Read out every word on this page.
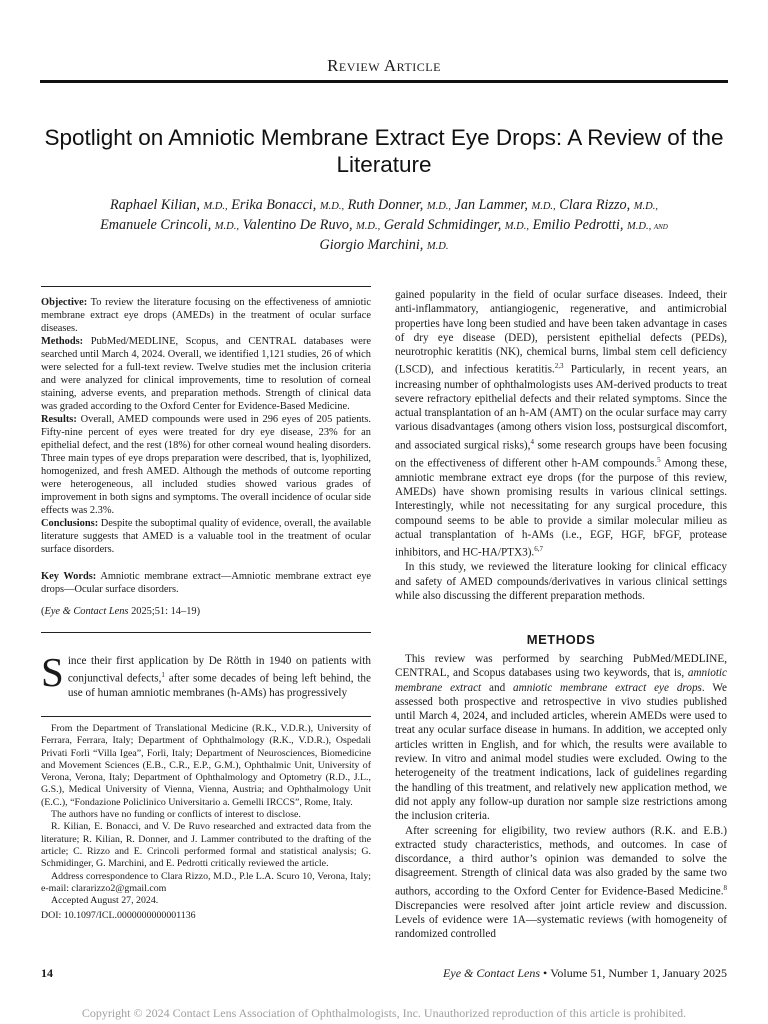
Review Article
Spotlight on Amniotic Membrane Extract Eye Drops: A Review of the Literature
Raphael Kilian, M.D., Erika Bonacci, M.D., Ruth Donner, M.D., Jan Lammer, M.D., Clara Rizzo, M.D.,
Emanuele Crincoli, M.D., Valentino De Ruvo, M.D., Gerald Schmidinger, M.D., Emilio Pedrotti, M.D., and
Giorgio Marchini, M.D.

Objective: To review the literature focusing on the effectiveness of amniotic membrane extract eye drops (AMEDs) in the treatment of ocular surface diseases.

Methods: PubMed/MEDLINE, Scopus, and CENTRAL databases were searched until March 4, 2024. Overall, we identified 1,121 studies, 26 of which were selected for a full-text review. Twelve studies met the inclusion criteria and were analyzed for clinical improvements, time to resolution of corneal staining, adverse events, and preparation methods. Strength of clinical data was graded according to the Oxford Center for Evidence-Based Medicine.

Results: Overall, AMED compounds were used in 296 eyes of 205 patients. Fifty-nine percent of eyes were treated for dry eye disease, 23% for an epithelial defect, and the rest (18%) for other corneal wound healing disorders. Three main types of eye drops preparation were described, that is, lyophilized, homogenized, and fresh AMED. Although the methods of outcome reporting were heterogeneous, all included studies showed various grades of improvement in both signs and symptoms. The overall incidence of ocular side effects was 2.3%.

Conclusions: Despite the suboptimal quality of evidence, overall, the available literature suggests that AMED is a valuable tool in the treatment of ocular surface disorders.

Key Words: Amniotic membrane extract—Amniotic membrane extract eye drops—Ocular surface disorders.
(Eye & Contact Lens 2025;51: 14–19)
Since their first application by De Rötth in 1940 on patients with conjunctival defects,$^1$ after some decades of being left behind, the use of human amniotic membranes (h-AMs) has progressively

From the Department of Translational Medicine (R.K., V.D.R.), University of Ferrara, Ferrara, Italy; Department of Ophthalmology (R.K., V.D.R.), Ospedali Privati Forlì “Villa Igea”, Forlì, Italy; Department of Neurosciences, Biomedicine and Movement Sciences (E.B., C.R., E.P., G.M.), Ophthalmic Unit, University of Verona, Verona, Italy; Department of Ophthalmology and Optometry (R.D., J.L., G.S.), Medical University of Vienna, Vienna, Austria; and Ophthalmology Unit (E.C.), “Fondazione Policlinico Universitario a. Gemelli IRCCS”, Rome, Italy.

The authors have no funding or conflicts of interest to disclose.

R. Kilian, E. Bonacci, and V. De Ruvo researched and extracted data from the literature; R. Kilian, R. Donner, and J. Lammer contributed to the drafting of the article; C. Rizzo and E. Crincoli performed formal and statistical analysis; G. Schmidinger, G. Marchini, and E. Pedrotti critically reviewed the article.

Address correspondence to Clara Rizzo, M.D., P.le L.A. Scuro 10, Verona, Italy; e-mail: clararizzo2@gmail.com

Accepted August 27, 2024.

DOI: 10.1097/ICL.0000000000001136

gained popularity in the field of ocular surface diseases. Indeed, their anti-inflammatory, antiangiogenic, regenerative, and antimicrobial properties have long been studied and have been taken advantage in cases of dry eye disease (DED), persistent epithelial defects (PEDs), neurotrophic keratitis (NK), chemical burns, limbal stem cell deficiency (LSCD), and infectious keratitis.$^{2,3}$ Particularly, in recent years, an increasing number of ophthalmologists uses AM-derived products to treat severe refractory epithelial defects and their related symptoms. Since the actual transplantation of an h-AM (AMT) on the ocular surface may carry various disadvantages (among others vision loss, postsurgical discomfort, and associated surgical risks),$^4$ some research groups have been focusing on the effectiveness of different other h-AM compounds.$^5$ Among these, amniotic membrane extract eye drops (for the purpose of this review, AMEDs) have shown promising results in various clinical settings. Interestingly, while not necessitating for any surgical procedure, this compound seems to be able to provide a similar molecular milieu as actual transplantation of h-AMs (i.e., EGF, HGF, bFGF, protease inhibitors, and HC-HA/PTX3).$^{6,7}$

In this study, we reviewed the literature looking for clinical efficacy and safety of AMED compounds/derivatives in various clinical settings while also discussing the different preparation methods.

METHODS

This review was performed by searching PubMed/MEDLINE, CENTRAL, and Scopus databases using two keywords, that is, amniotic membrane extract and amniotic membrane extract eye drops. We assessed both prospective and retrospective in vivo studies published until March 4, 2024, and included articles, wherein AMEDs were used to treat any ocular surface disease in humans. In addition, we accepted only articles written in English, and for which, the results were available to review. In vitro and animal model studies were excluded. Owing to the heterogeneity of the treatment indications, lack of guidelines regarding the handling of this treatment, and relatively new application method, we did not apply any follow-up duration nor sample size restrictions among the inclusion criteria.

After screening for eligibility, two review authors (R.K. and E.B.) extracted study characteristics, methods, and outcomes. In case of discordance, a third author’s opinion was demanded to solve the disagreement. Strength of clinical data was also graded by the same two authors, according to the Oxford Center for Evidence-Based Medicine.$^8$ Discrepancies were resolved after joint article review and discussion. Levels of evidence were 1A—systematic reviews (with homogeneity of randomized controlled

14	Eye & Contact Lens • Volume 51, Number 1, January 2025
Copyright © 2024 Contact Lens Association of Ophthalmologists, Inc. Unauthorized reproduction of this article is prohibited.
